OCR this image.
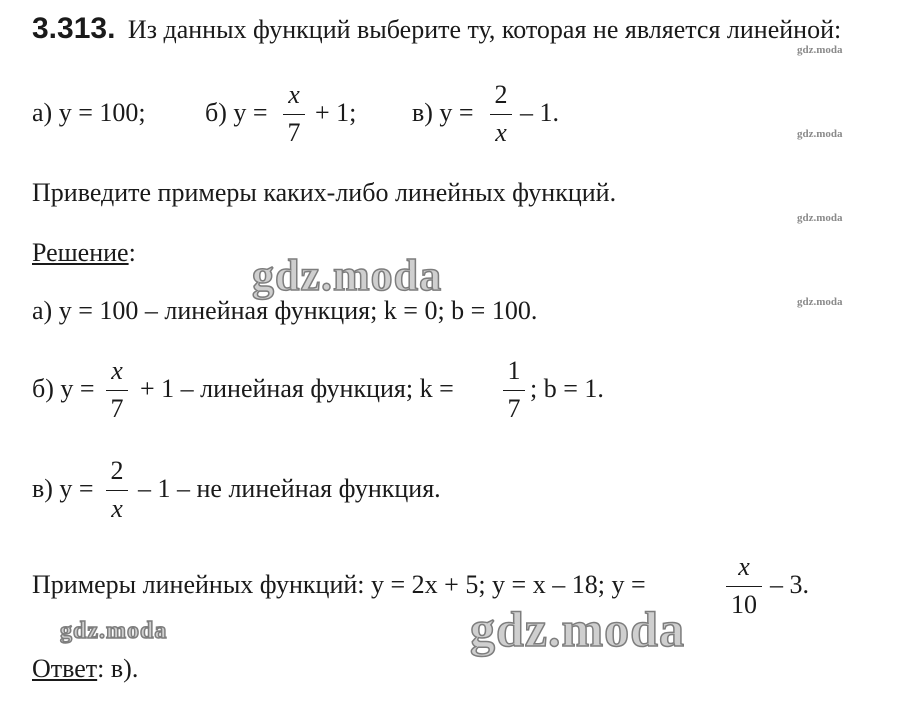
3.313. Из данных функций выберите ту, которая не является линейной:
а) y = 100; б) y =
x
7
+ 1; в) y =
2
x
– 1.
Приведите примеры каких-либо линейных функций.
Решение:
а) y = 100 – линейная функция; k = 0; b = 100.
б) y =
x
7
+ 1 – линейная функция; k =
1
7
; b = 1.
в) y =
2
x
– 1 – не линейная функция.
Примеры линейных функций: y = 2x + 5; y = x – 18; y =
x
10
– 3.
Ответ: в).
gdz.moda
gdz.moda
gdz.moda
gdz.moda
gdz.moda
gdz.moda	gdz.moda
